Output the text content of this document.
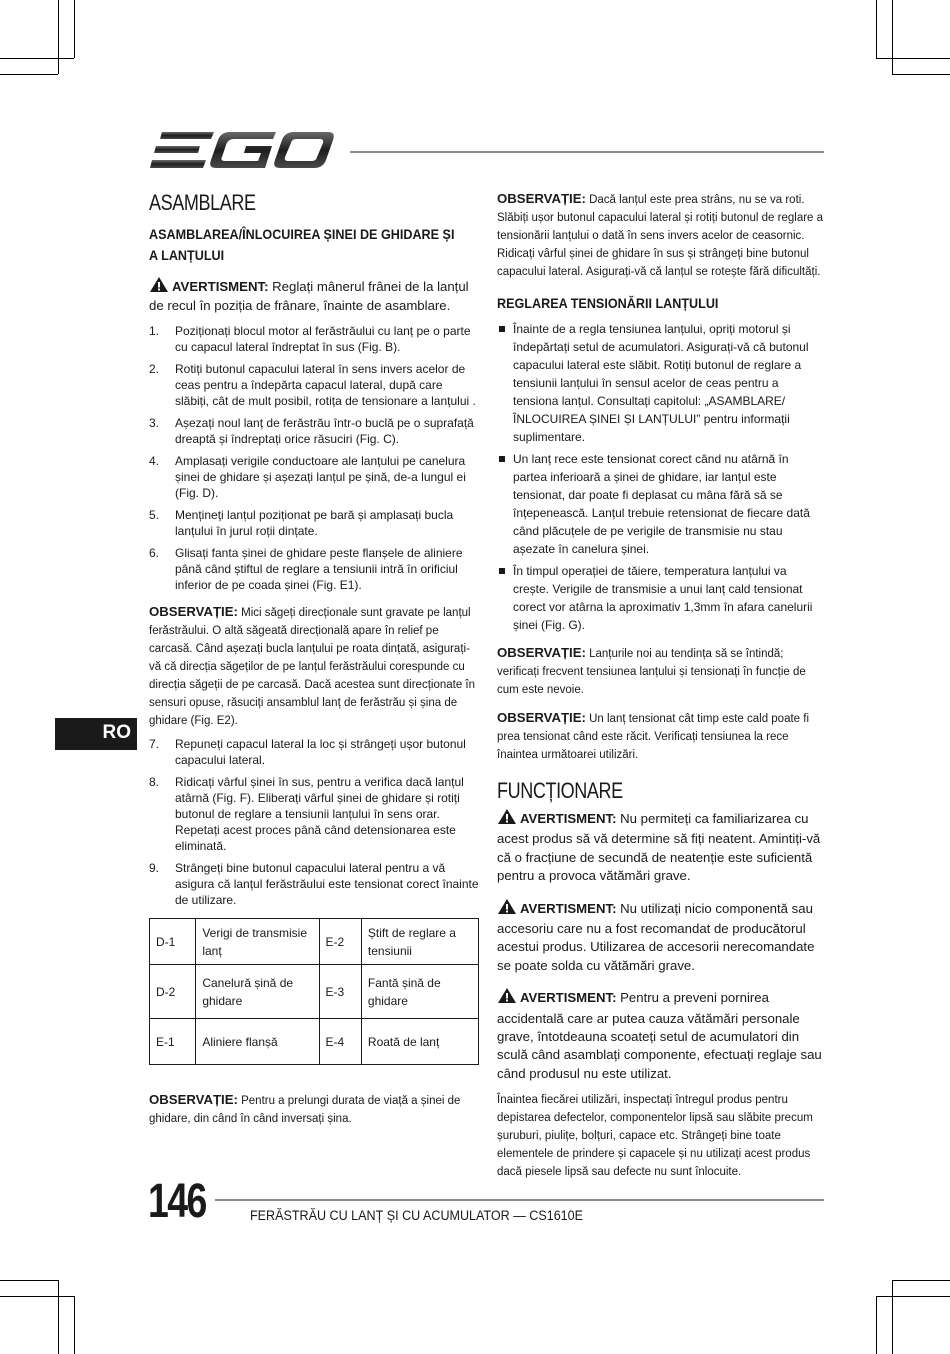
ASAMBLARE
ASAMBLAREA/ÎNLOCUIREA ȘINEI DE GHIDARE ȘI A LANȚULUI

AVERTISMENT: Reglați mânerul frânei de la lanțul de recul în poziția de frânare, înainte de asamblare.

1. Poziționați blocul motor al ferăstrăului cu lanț pe o parte cu capacul lateral îndreptat în sus (Fig. B).
2. Rotiți butonul capacului lateral în sens invers acelor de ceas pentru a îndepărta capacul lateral, după care slăbiți, cât de mult posibil, rotița de tensionare a lanțului .
3. Așezați noul lanț de ferăstrău într-o buclă pe o suprafață dreaptă și îndreptați orice răsuciri (Fig. C).
4. Amplasați verigile conductoare ale lanțului pe canelura șinei de ghidare și așezați lanțul pe șină, de-a lungul ei (Fig. D).
5. Mențineți lanțul poziționat pe bară și amplasați bucla lanțului în jurul roții dințate.
6. Glisați fanta șinei de ghidare peste flanșele de aliniere până când știftul de reglare a tensiunii intră în orificiul inferior de pe coada șinei (Fig. E1).

OBSERVAȚIE: Mici săgeți direcționale sunt gravate pe lanțul ferăstrăului. O altă săgeată direcțională apare în relief pe carcasă. Când așezați bucla lanțului pe roata dințată, asigurați-vă că direcția săgeților de pe lanțul ferăstrăului corespunde cu direcția săgeții de pe carcasă. Dacă acestea sunt direcționate în sensuri opuse, răsuciți ansamblul lanț de ferăstrău și șina de ghidare (Fig. E2).

7. Repuneți capacul lateral la loc și strângeți ușor butonul capacului lateral.
8. Ridicați vârful șinei în sus, pentru a verifica dacă lanțul atârnă (Fig. F). Eliberați vârful șinei de ghidare și rotiți butonul de reglare a tensiunii lanțului în sens orar. Repetați acest proces până când detensionarea este eliminată.
9. Strângeți bine butonul capacului lateral pentru a vă asigura că lanțul ferăstrăului este tensionat corect înainte de utilizare.
D-1	Verigi de transmisie lanț	E-2	Știft de reglare a tensiunii
D-2	Canelură șină de ghidare	E-3	Fantă șină de ghidare
E-1	Aliniere flanșă	E-4	Roată de lanț

OBSERVAȚIE: Pentru a prelungi durata de viață a șinei de ghidare, din când în când inversați șina.

OBSERVAȚIE: Dacă lanțul este prea strâns, nu se va roti. Slăbiți ușor butonul capacului lateral și rotiți butonul de reglare a tensionării lanțului o dată în sens invers acelor de ceasornic. Ridicați vârful șinei de ghidare în sus și strângeți bine butonul capacului lateral. Asigurați-vă că lanțul se rotește fără dificultăți.

REGLAREA TENSIONĂRII LANȚULUI
Înainte de a regla tensiunea lanțului, opriți motorul și îndepărtați setul de acumulatori. Asigurați-vă că butonul capacului lateral este slăbit. Rotiți butonul de reglare a tensiunii lanțului în sensul acelor de ceas pentru a tensiona lanțul. Consultați capitolul: „ASAMBLARE/ ÎNLOCUIREA ȘINEI ȘI LANȚULUI” pentru informații suplimentare.
Un lanț rece este tensionat corect când nu atârnă în partea inferioară a șinei de ghidare, iar lanțul este tensionat, dar poate fi deplasat cu mâna fără să se înțepenească. Lanțul trebuie retensionat de fiecare dată când plăcuțele de pe verigile de transmisie nu stau așezate în canelura șinei.
În timpul operației de tăiere, temperatura lanțului va crește. Verigile de transmisie a unui lanț cald tensionat corect vor atârna la aproximativ 1,3mm în afara canelurii șinei (Fig. G).

OBSERVAȚIE: Lanțurile noi au tendința să se întindă; verificați frecvent tensiunea lanțului și tensionați în funcție de cum este nevoie.

OBSERVAȚIE: Un lanț tensionat cât timp este cald poate fi prea tensionat când este răcit. Verificați tensiunea la rece înaintea următoarei utilizări.

FUNCȚIONARE

AVERTISMENT: Nu permiteți ca familiarizarea cu acest produs să vă determine să fiți neatent. Amintiți-vă că o fracțiune de secundă de neatenție este suficientă pentru a provoca vătămări grave.

AVERTISMENT: Nu utilizați nicio componentă sau accesoriu care nu a fost recomandat de producătorul acestui produs. Utilizarea de accesorii nerecomandate se poate solda cu vătămări grave.

AVERTISMENT: Pentru a preveni pornirea accidentală care ar putea cauza vătămări personale grave, întotdeauna scoateți setul de acumulatori din sculă când asamblați componente, efectuați reglaje sau când produsul nu este utilizat.

Înaintea fiecărei utilizări, inspectați întregul produs pentru depistarea defectelor, componentelor lipsă sau slăbite precum șuruburi, piulițe, bolțuri, capace etc. Strângeți bine toate elementele de prindere și capacele și nu utilizați acest produs dacă piesele lipsă sau defecte nu sunt înlocuite.

RO
146	FERĂSTRĂU CU LANȚ ȘI CU ACUMULATOR — CS1610E
